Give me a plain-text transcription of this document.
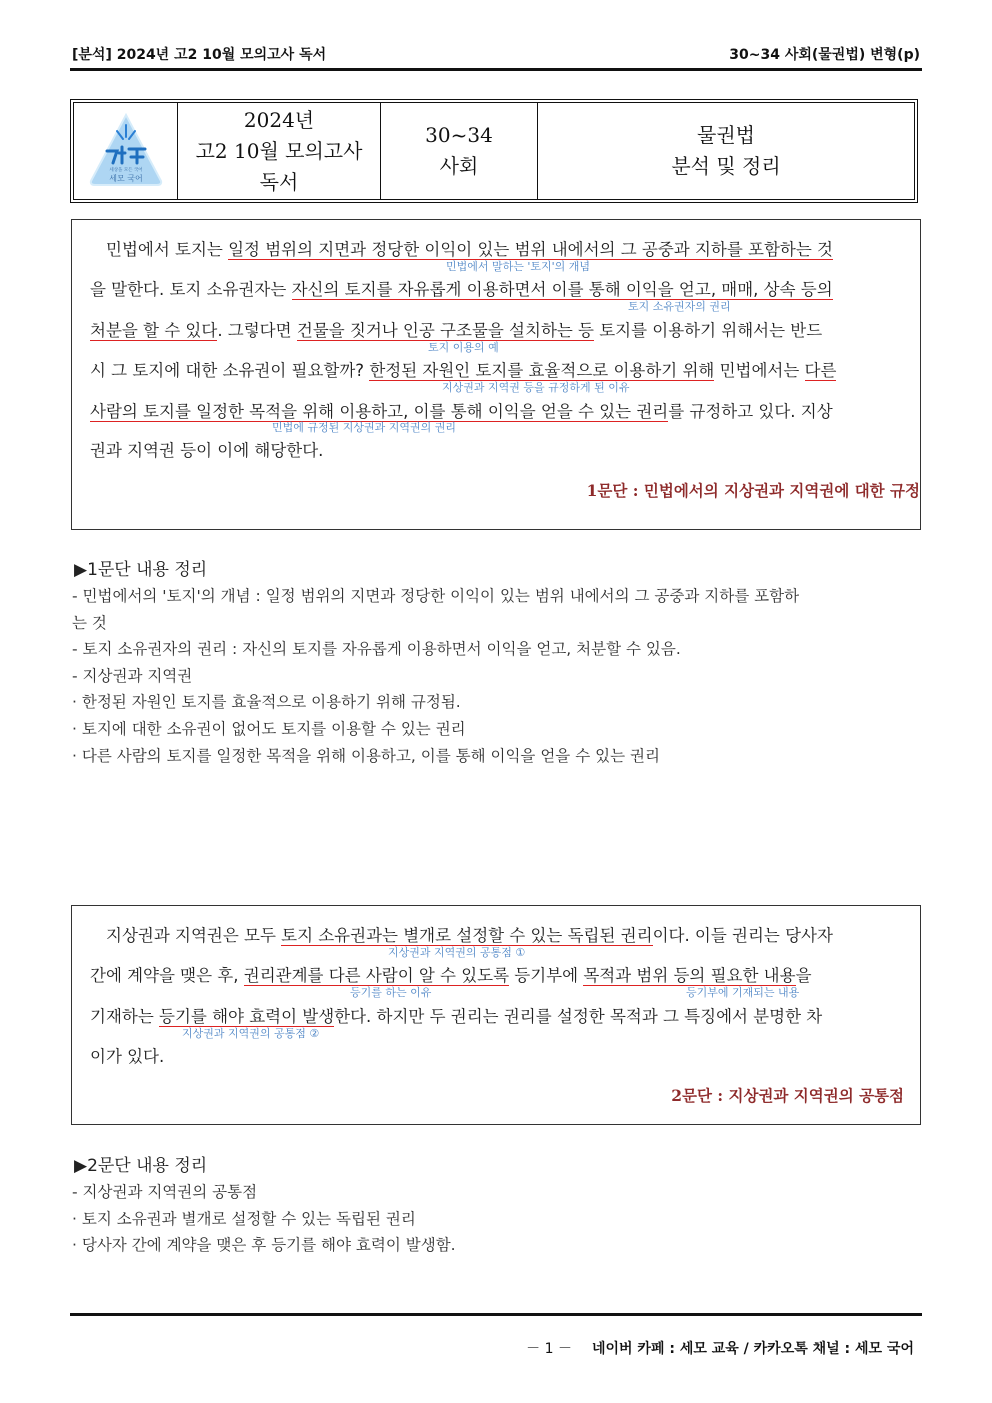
[분석] 2024년 고2 10월 모의고사 독서	30~34 사회(물권법) 변형(p)
세상을 모든 국어
세모 국어
2024년
고2 10월 모의고사
독서
30~34
사회
물권법
분석 및 정리
민법에서 토지는 일정 범위의 지면과 정당한 이익이 있는 범위 내에서의 그 공중과 지하를 포함하는 것
민법에서 말하는 '토지'의 개념
을 말한다. 토지 소유권자는 자신의 토지를 자유롭게 이용하면서 이를 통해 이익을 얻고, 매매, 상속 등의
토지 소유권자의 권리
처분을 할 수 있다. 그렇다면 건물을 짓거나 인공 구조물을 설치하는 등 토지를 이용하기 위해서는 반드
토지 이용의 예
시 그 토지에 대한 소유권이 필요할까? 한정된 자원인 토지를 효율적으로 이용하기 위해 민법에서는 다른
지상권과 지역권 등을 규정하게 된 이유
사람의 토지를 일정한 목적을 위해 이용하고, 이를 통해 이익을 얻을 수 있는 권리를 규정하고 있다. 지상
민법에 규정된 지상권과 지역권의 권리
권과 지역권 등이 이에 해당한다.
1문단 : 민법에서의 지상권과 지역권에 대한 규정
▶1문단 내용 정리
- 민법에서의 '토지'의 개념 : 일정 범위의 지면과 정당한 이익이 있는 범위 내에서의 그 공중과 지하를 포함하
는 것
- 토지 소유권자의 권리 : 자신의 토지를 자유롭게 이용하면서 이익을 얻고, 처분할 수 있음.
- 지상권과 지역권
· 한정된 자원인 토지를 효율적으로 이용하기 위해 규정됨.
· 토지에 대한 소유권이 없어도 토지를 이용할 수 있는 권리
· 다른 사람의 토지를 일정한 목적을 위해 이용하고, 이를 통해 이익을 얻을 수 있는 권리
지상권과 지역권은 모두 토지 소유권과는 별개로 설정할 수 있는 독립된 권리이다. 이들 권리는 당사자
지상권과 지역권의 공통점 ①
간에 계약을 맺은 후, 권리관계를 다른 사람이 알 수 있도록 등기부에 목적과 범위 등의 필요한 내용을
등기를 하는 이유	등기부에 기재되는 내용
기재하는 등기를 해야 효력이 발생한다. 하지만 두 권리는 권리를 설정한 목적과 그 특징에서 분명한 차
지상권과 지역권의 공통점 ②
이가 있다.
2문단 : 지상권과 지역권의 공통점
▶2문단 내용 정리
- 지상권과 지역권의 공통점
· 토지 소유권과 별개로 설정할 수 있는 독립된 권리
· 당사자 간에 계약을 맺은 후 등기를 해야 효력이 발생함.
－ 1 － 네이버 카페 : 세모 교육 / 카카오톡 채널 : 세모 국어
